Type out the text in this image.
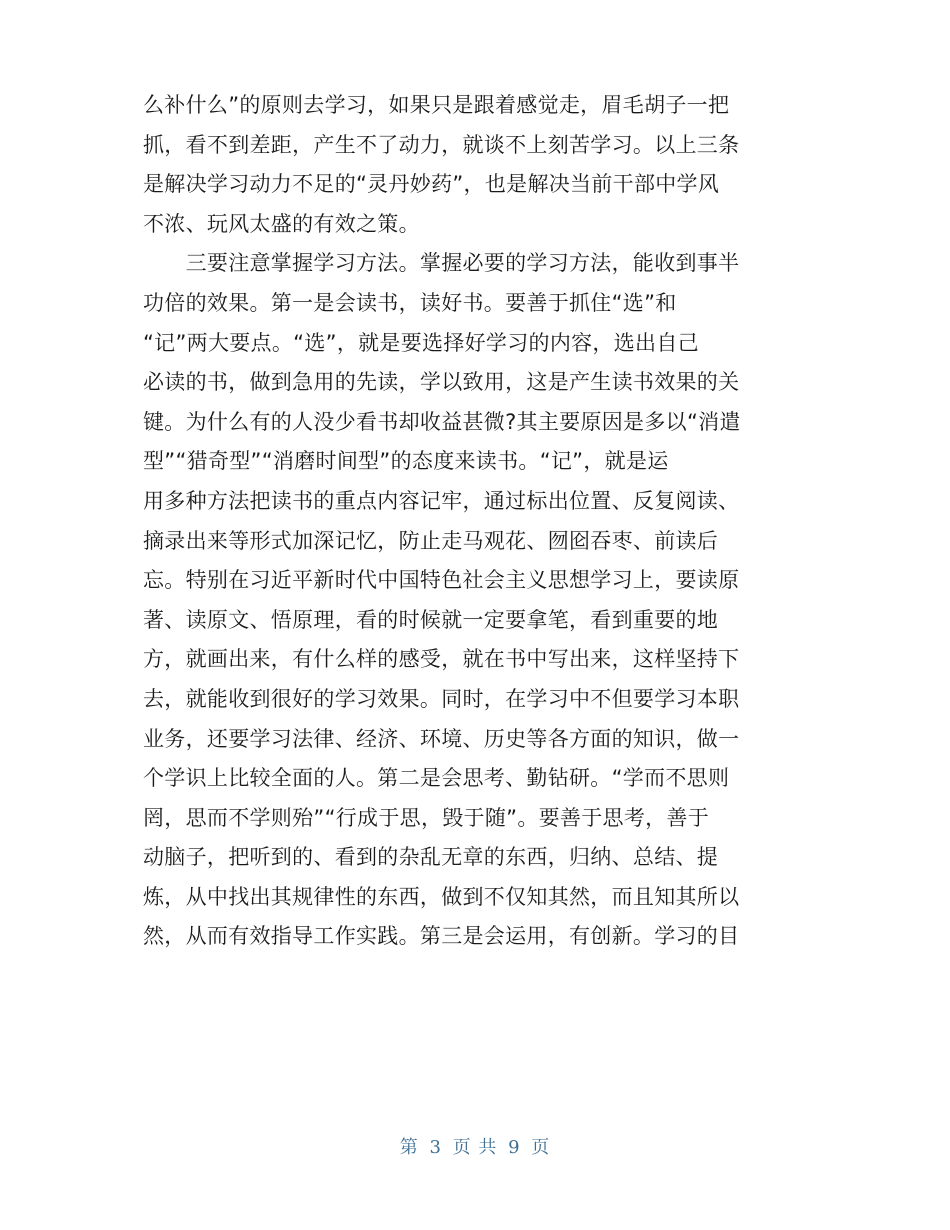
么补什么”的原则去学习，如果只是跟着感觉走，眉毛胡子一把
抓，看不到差距，产生不了动力，就谈不上刻苦学习。以上三条
是解决学习动力不足的“灵丹妙药”，也是解决当前干部中学风
不浓、玩风太盛的有效之策。
　　三要注意掌握学习方法。掌握必要的学习方法，能收到事半
功倍的效果。第一是会读书，读好书。要善于抓住“选”和
“记”两大要点。“选”，就是要选择好学习的内容，选出自己
必读的书，做到急用的先读，学以致用，这是产生读书效果的关
键。为什么有的人没少看书却收益甚微?其主要原因是多以“消遣
型”“猎奇型”“消磨时间型”的态度来读书。“记”，就是运
用多种方法把读书的重点内容记牢，通过标出位置、反复阅读、
摘录出来等形式加深记忆，防止走马观花、囫囵吞枣、前读后
忘。特别在习近平新时代中国特色社会主义思想学习上，要读原
著、读原文、悟原理，看的时候就一定要拿笔，看到重要的地
方，就画出来，有什么样的感受，就在书中写出来，这样坚持下
去，就能收到很好的学习效果。同时，在学习中不但要学习本职
业务，还要学习法律、经济、环境、历史等各方面的知识，做一
个学识上比较全面的人。第二是会思考、勤钻研。“学而不思则
罔，思而不学则殆”“行成于思，毁于随”。要善于思考，善于
动脑子，把听到的、看到的杂乱无章的东西，归纳、总结、提
炼，从中找出其规律性的东西，做到不仅知其然，而且知其所以
然，从而有效指导工作实践。第三是会运用，有创新。学习的目
第 3 页 共 9 页
